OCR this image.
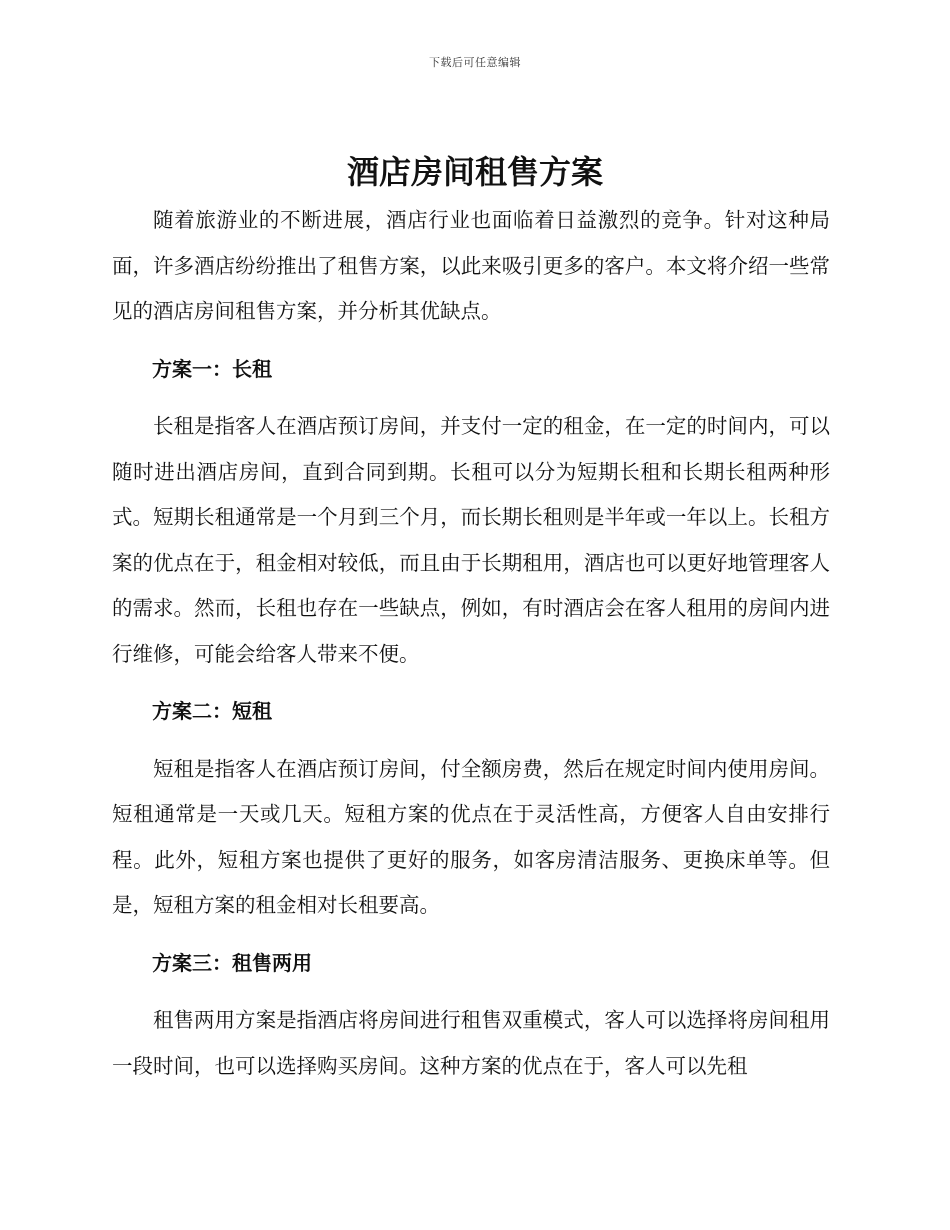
下载后可任意编辑
酒店房间租售方案

随着旅游业的不断进展，酒店行业也面临着日益激烈的竞争。针对这种局面，许多酒店纷纷推出了租售方案，以此来吸引更多的客户。本文将介绍一些常见的酒店房间租售方案，并分析其优缺点。

方案一：长租

长租是指客人在酒店预订房间，并支付一定的租金，在一定的时间内，可以随时进出酒店房间，直到合同到期。长租可以分为短期长租和长期长租两种形式。短期长租通常是一个月到三个月，而长期长租则是半年或一年以上。长租方案的优点在于，租金相对较低，而且由于长期租用，酒店也可以更好地管理客人的需求。然而，长租也存在一些缺点，例如，有时酒店会在客人租用的房间内进行维修，可能会给客人带来不便。

方案二：短租

短租是指客人在酒店预订房间，付全额房费，然后在规定时间内使用房间。短租通常是一天或几天。短租方案的优点在于灵活性高，方便客人自由安排行程。此外，短租方案也提供了更好的服务，如客房清洁服务、更换床单等。但是，短租方案的租金相对长租要高。

方案三：租售两用

租售两用方案是指酒店将房间进行租售双重模式，客人可以选择将房间租用一段时间，也可以选择购买房间。这种方案的优点在于，客人可以先租
